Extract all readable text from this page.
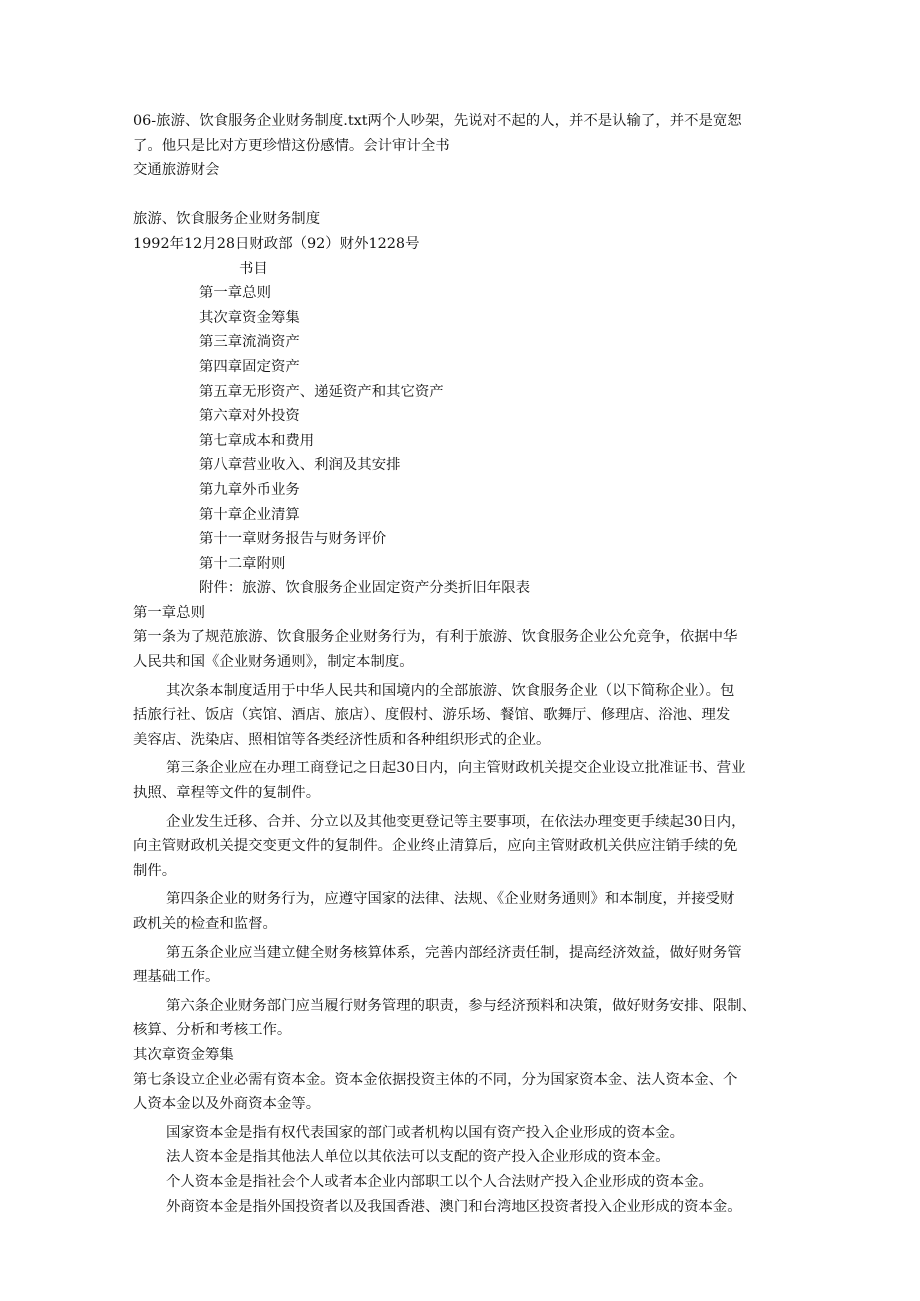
06-旅游、饮食服务企业财务制度.txt两个人吵架，先说对不起的人，并不是认输了，并不是宽恕
了。他只是比对方更珍惜这份感情。会计审计全书
交通旅游财会
旅游、饮食服务企业财务制度
1992年12月28日财政部（92）财外1228号
书目
第一章总则
其次章资金筹集
第三章流淌资产
第四章固定资产
第五章无形资产、递延资产和其它资产
第六章对外投资
第七章成本和费用
第八章营业收入、利润及其安排
第九章外币业务
第十章企业清算
第十一章财务报告与财务评价
第十二章附则
附件：旅游、饮食服务企业固定资产分类折旧年限表
第一章总则
第一条为了规范旅游、饮食服务企业财务行为，有利于旅游、饮食服务企业公允竞争，依据中华
人民共和国《企业财务通则》，制定本制度。
其次条本制度适用于中华人民共和国境内的全部旅游、饮食服务企业（以下简称企业）。包
括旅行社、饭店（宾馆、酒店、旅店）、度假村、游乐场、餐馆、歌舞厅、修理店、浴池、理发
美容店、洗染店、照相馆等各类经济性质和各种组织形式的企业。
第三条企业应在办理工商登记之日起30日内，向主管财政机关提交企业设立批准证书、营业
执照、章程等文件的复制件。
企业发生迁移、合并、分立以及其他变更登记等主要事项，在依法办理变更手续起30日内，
向主管财政机关提交变更文件的复制件。企业终止清算后，应向主管财政机关供应注销手续的免
制件。
第四条企业的财务行为，应遵守国家的法律、法规、《企业财务通则》和本制度，并接受财
政机关的检查和监督。
第五条企业应当建立健全财务核算体系，完善内部经济责任制，提高经济效益，做好财务管
理基础工作。
第六条企业财务部门应当履行财务管理的职责，参与经济预料和决策，做好财务安排、限制、
核算、分析和考核工作。
其次章资金筹集
第七条设立企业必需有资本金。资本金依据投资主体的不同，分为国家资本金、法人资本金、个
人资本金以及外商资本金等。
国家资本金是指有权代表国家的部门或者机构以国有资产投入企业形成的资本金。
法人资本金是指其他法人单位以其依法可以支配的资产投入企业形成的资本金。
个人资本金是指社会个人或者本企业内部职工以个人合法财产投入企业形成的资本金。
外商资本金是指外国投资者以及我国香港、澳门和台湾地区投资者投入企业形成的资本金。
